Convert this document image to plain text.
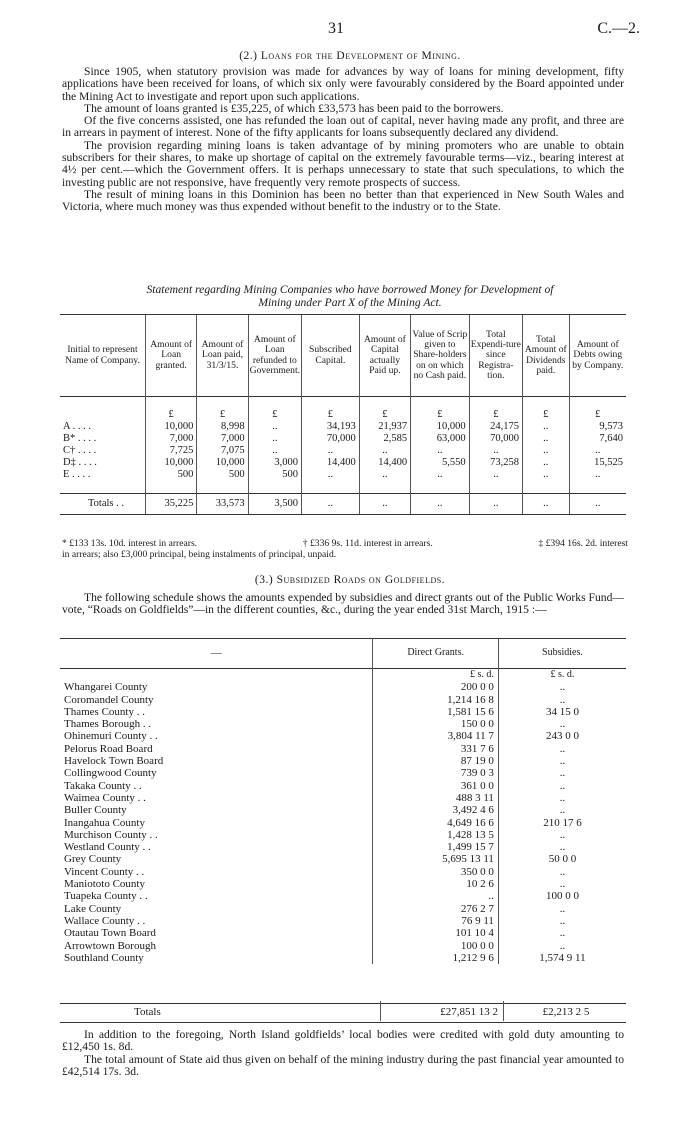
31	C.—2.
(2.) Loans for the Development of Mining.

Since 1905, when statutory provision was made for advances by way of loans for mining development, fifty applications have been received for loans, of which six only were favourably considered by the Board appointed under the Mining Act to investigate and report upon such applications.

The amount of loans granted is £35,225, of which £33,573 has been paid to the borrowers.

Of the five concerns assisted, one has refunded the loan out of capital, never having made any profit, and three are in arrears in payment of interest. None of the fifty applicants for loans subsequently declared any dividend.

The provision regarding mining loans is taken advantage of by mining promoters who are unable to obtain subscribers for their shares, to make up shortage of capital on the extremely favourable terms—viz., bearing interest at 4½ per cent.—which the Government offers. It is perhaps unnecessary to state that such speculations, to which the investing public are not responsive, have frequently very remote prospects of success.

The result of mining loans in this Dominion has been no better than that experienced in New South Wales and Victoria, where much money was thus expended without benefit to the industry or to the State.

Statement regarding Mining Companies who have borrowed Money for Development of
Mining under Part X of the Mining Act.
Initial to represent Name of Company.	Amount of Loan granted.	Amount of Loan paid, 31/3/15.	Amount of Loan refunded to Government.	Subscribed Capital.	Amount of Capital actually Paid up.	Value of Scrip given to Share-holders on on which no Cash paid.	Total Expendi-ture since Registra-tion.	Total Amount of Dividends paid.	Amount of Debts owing by Company.
	£	£	£	£	£	£	£	£	£
A . . . .	10,000	8,998	..	34,193	21,937	10,000	24,175	..	9,573
B* . . . .	7,000	7,000	..	70,000	2,585	63,000	70,000	..	7,640
C† . . . .	7,725	7,075	..	..	..	..	..	..	..
D‡ . . . .	10,000	10,000	3,000	14,400	14,400	5,550	73,258	..	15,525
E . . . .	500	500	500	..	..	..	..	..	..

Totals . .	35,225	33,573	3,500	..	..	..	..	..	..
* £133 13s. 10d. interest in arrears.	† £336 9s. 11d. interest in arrears.	‡ £394 16s. 2d. interest
in arrears; also £3,000 principal, being instalments of principal, unpaid.
(3.) Subsidized Roads on Goldfields.

The following schedule shows the amounts expended by subsidies and direct grants out of the Public Works Fund—vote, “Roads on Goldfields”—in the different counties, &c., during the year ended 31st March, 1915 :—

—	Direct Grants.	Subsidies.
	£ s. d.	£ s. d.
Whangarei County	200 0 0	..
Coromandel County	1,214 16 8	..
Thames County . .	1,581 15 6	34 15 0
Thames Borough . .	150 0 0	..
Ohinemuri County . .	3,804 11 7	243 0 0
Pelorus Road Board	331 7 6	..
Havelock Town Board	87 19 0	..
Collingwood County	739 0 3	..
Takaka County . .	361 0 0	..
Waimea County . .	488 3 11	..
Buller County	3,492 4 6	..
Inangahua County	4,649 16 6	210 17 6
Murchison County . .	1,428 13 5	..
Westland County . .	1,499 15 7	..
Grey County	5,695 13 11	50 0 0
Vincent County . .	350 0 0	..
Maniototo County	10 2 6	..
Tuapeka County . .	..	100 0 0
Lake County	276 2 7	..
Wallace County . .	76 9 11	..
Otautau Town Board	101 10 4	..
Arrowtown Borough	100 0 0	..
Southland County	1,212 9 6	1,574 9 11
Totals	£27,851 13 2	£2,213 2 5

In addition to the foregoing, North Island goldfields’ local bodies were credited with gold duty amounting to £12,450 1s. 8d.

The total amount of State aid thus given on behalf of the mining industry during the past financial year amounted to £42,514 17s. 3d.
